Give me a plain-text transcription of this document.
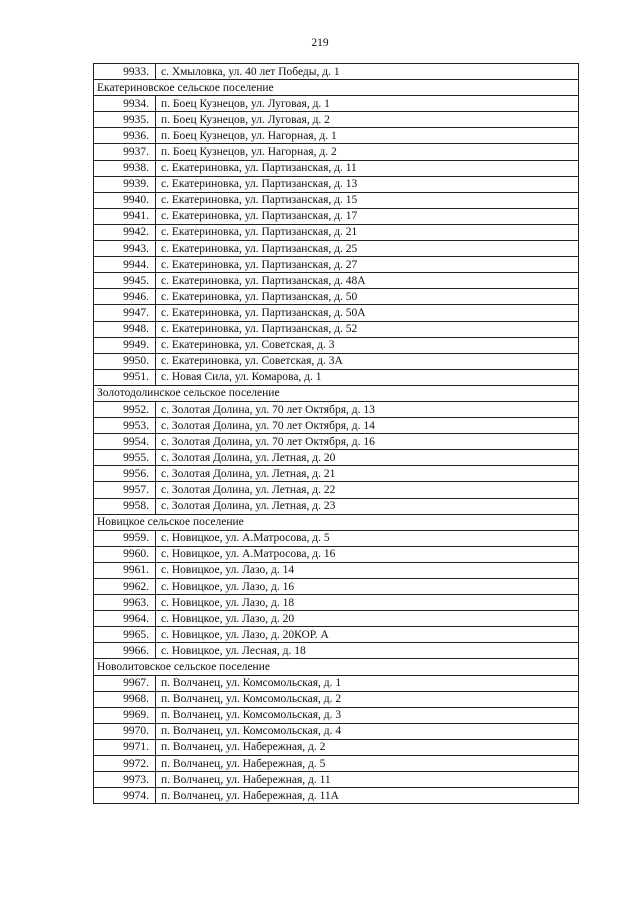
219
9933.	с. Хмыловка, ул. 40 лет Победы, д. 1
Екатериновское сельское поселение	
9934.	п. Боец Кузнецов, ул. Луговая, д. 1
9935.	п. Боец Кузнецов, ул. Луговая, д. 2
9936.	п. Боец Кузнецов, ул. Нагорная, д. 1
9937.	п. Боец Кузнецов, ул. Нагорная, д. 2
9938.	с. Екатериновка, ул. Партизанская, д. 11
9939.	с. Екатериновка, ул. Партизанская, д. 13
9940.	с. Екатериновка, ул. Партизанская, д. 15
9941.	с. Екатериновка, ул. Партизанская, д. 17
9942.	с. Екатериновка, ул. Партизанская, д. 21
9943.	с. Екатериновка, ул. Партизанская, д. 25
9944.	с. Екатериновка, ул. Партизанская, д. 27
9945.	с. Екатериновка, ул. Партизанская, д. 48А
9946.	с. Екатериновка, ул. Партизанская, д. 50
9947.	с. Екатериновка, ул. Партизанская, д. 50А
9948.	с. Екатериновка, ул. Партизанская, д. 52
9949.	с. Екатериновка, ул. Советская, д. 3
9950.	с. Екатериновка, ул. Советская, д. 3А
9951.	с. Новая Сила, ул. Комарова, д. 1
Золотодолинское сельское поселение	
9952.	с. Золотая Долина, ул. 70 лет Октября, д. 13
9953.	с. Золотая Долина, ул. 70 лет Октября, д. 14
9954.	с. Золотая Долина, ул. 70 лет Октября, д. 16
9955.	с. Золотая Долина, ул. Летная, д. 20
9956.	с. Золотая Долина, ул. Летная, д. 21
9957.	с. Золотая Долина, ул. Летная, д. 22
9958.	с. Золотая Долина, ул. Летная, д. 23
Новицкое сельское поселение	
9959.	с. Новицкое, ул. А.Матросова, д. 5
9960.	с. Новицкое, ул. А.Матросова, д. 16
9961.	с. Новицкое, ул. Лазо, д. 14
9962.	с. Новицкое, ул. Лазо, д. 16
9963.	с. Новицкое, ул. Лазо, д. 18
9964.	с. Новицкое, ул. Лазо, д. 20
9965.	с. Новицкое, ул. Лазо, д. 20КОР. А
9966.	с. Новицкое, ул. Лесная, д. 18
Новолитовское сельское поселение	
9967.	п. Волчанец, ул. Комсомольская, д. 1
9968.	п. Волчанец, ул. Комсомольская, д. 2
9969.	п. Волчанец, ул. Комсомольская, д. 3
9970.	п. Волчанец, ул. Комсомольская, д. 4
9971.	п. Волчанец, ул. Набережная, д. 2
9972.	п. Волчанец, ул. Набережная, д. 5
9973.	п. Волчанец, ул. Набережная, д. 11
9974.	п. Волчанец, ул. Набережная, д. 11А
